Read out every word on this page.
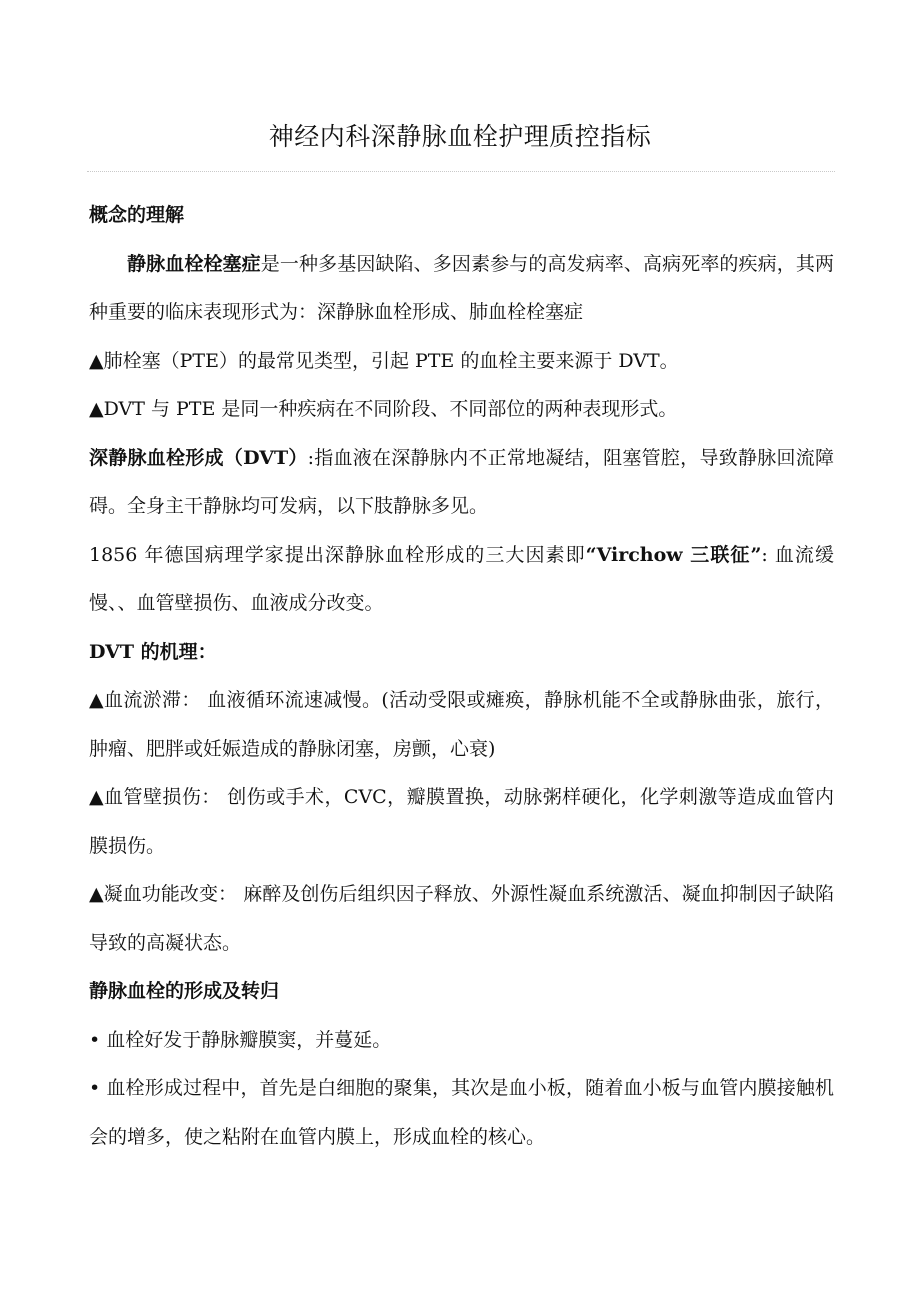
神经内科深静脉血栓护理质控指标

概念的理解

静脉血栓栓塞症是一种多基因缺陷、多因素参与的高发病率、高病死率的疾病，其两种重要的临床表现形式为：深静脉血栓形成、肺血栓栓塞症

▲肺栓塞（PTE）的最常见类型，引起 PTE 的血栓主要来源于 DVT。

▲DVT 与 PTE 是同一种疾病在不同阶段、不同部位的两种表现形式。

深静脉血栓形成（DVT）:指血液在深静脉内不正常地凝结，阻塞管腔，导致静脉回流障碍。全身主干静脉均可发病，以下肢静脉多见。

1856 年德国病理学家提出深静脉血栓形成的三大因素即“Virchow 三联征”: 血流缓慢、、血管壁损伤、血液成分改变。

DVT 的机理：

▲血流淤滞： 血液循环流速减慢。(活动受限或瘫痪，静脉机能不全或静脉曲张，旅行，肿瘤、肥胖或妊娠造成的静脉闭塞，房颤，心衰)

▲血管壁损伤： 创伤或手术，CVC，瓣膜置换，动脉粥样硬化，化学刺激等造成血管内膜损伤。

▲凝血功能改变： 麻醉及创伤后组织因子释放、外源性凝血系统激活、凝血抑制因子缺陷导致的高凝状态。

静脉血栓的形成及转归

• 血栓好发于静脉瓣膜窦，并蔓延。

• 血栓形成过程中，首先是白细胞的聚集，其次是血小板，随着血小板与血管内膜接触机会的增多，使之粘附在血管内膜上，形成血栓的核心。
